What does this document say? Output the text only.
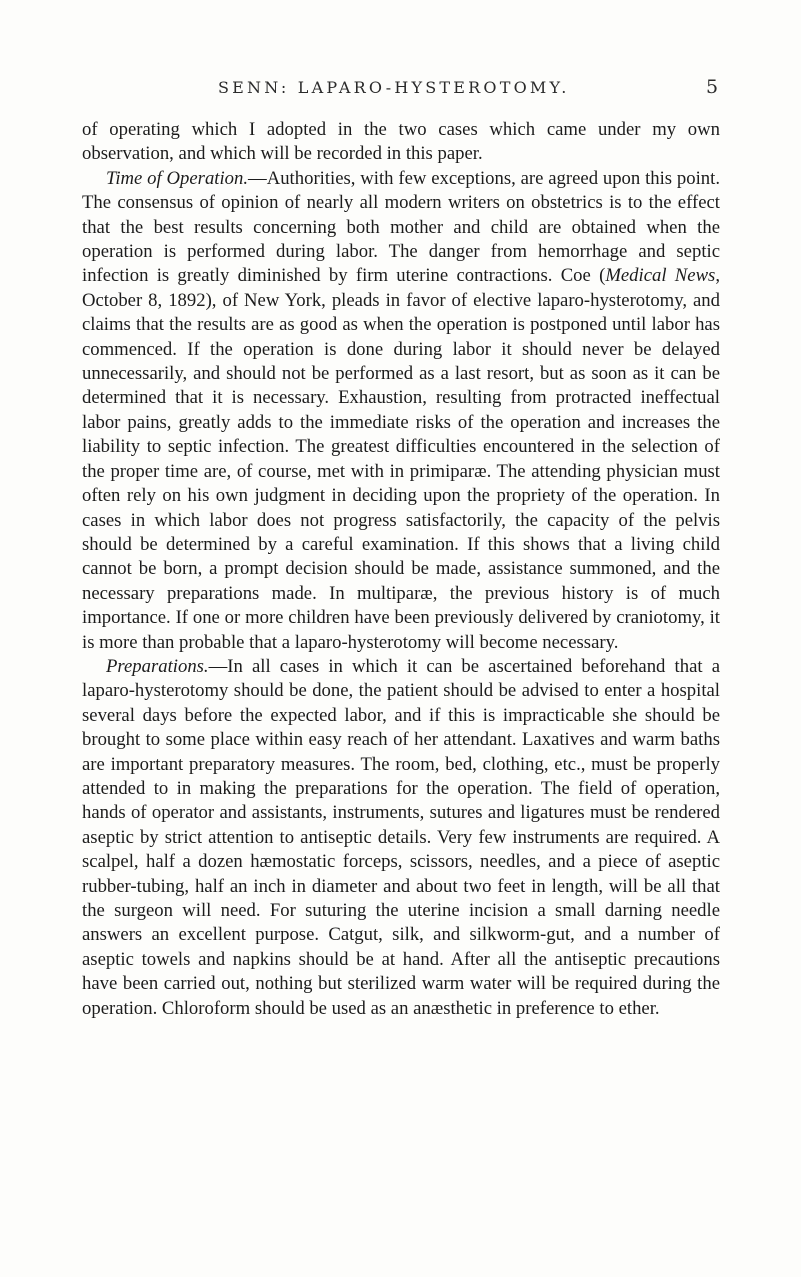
SENN: LAPARO-HYSTEROTOMY.	5

of operating which I adopted in the two cases which came under my own observation, and which will be recorded in this paper.

Time of Operation.—Authorities, with few exceptions, are agreed upon this point. The consensus of opinion of nearly all modern writers on obstetrics is to the effect that the best results concerning both mother and child are obtained when the operation is performed during labor. The danger from hemorrhage and septic infection is greatly diminished by firm uterine contractions. Coe (Medical News, October 8, 1892), of New York, pleads in favor of elective laparo-hysterotomy, and claims that the results are as good as when the operation is postponed until labor has commenced. If the operation is done during labor it should never be delayed unnecessarily, and should not be performed as a last resort, but as soon as it can be determined that it is necessary. Exhaustion, resulting from protracted ineffectual labor pains, greatly adds to the immediate risks of the operation and increases the liability to septic infection. The greatest difficulties encountered in the selection of the proper time are, of course, met with in primiparæ. The attending physician must often rely on his own judgment in deciding upon the propriety of the operation. In cases in which labor does not progress satisfactorily, the capacity of the pelvis should be determined by a careful examination. If this shows that a living child cannot be born, a prompt decision should be made, assistance summoned, and the necessary preparations made. In multiparæ, the previous history is of much importance. If one or more children have been previously delivered by craniotomy, it is more than probable that a laparo-hysterotomy will become necessary.

Preparations.—In all cases in which it can be ascertained beforehand that a laparo-hysterotomy should be done, the patient should be advised to enter a hospital several days before the expected labor, and if this is impracticable she should be brought to some place within easy reach of her attendant. Laxatives and warm baths are important preparatory measures. The room, bed, clothing, etc., must be properly attended to in making the preparations for the operation. The field of operation, hands of operator and assistants, instruments, sutures and ligatures must be rendered aseptic by strict attention to antiseptic details. Very few instruments are required. A scalpel, half a dozen hæmostatic forceps, scissors, needles, and a piece of aseptic rubber-tubing, half an inch in diameter and about two feet in length, will be all that the surgeon will need. For suturing the uterine incision a small darning needle answers an excellent purpose. Catgut, silk, and silkworm-gut, and a number of aseptic towels and napkins should be at hand. After all the antiseptic precautions have been carried out, nothing but sterilized warm water will be required during the operation. Chloroform should be used as an anæsthetic in preference to ether.
